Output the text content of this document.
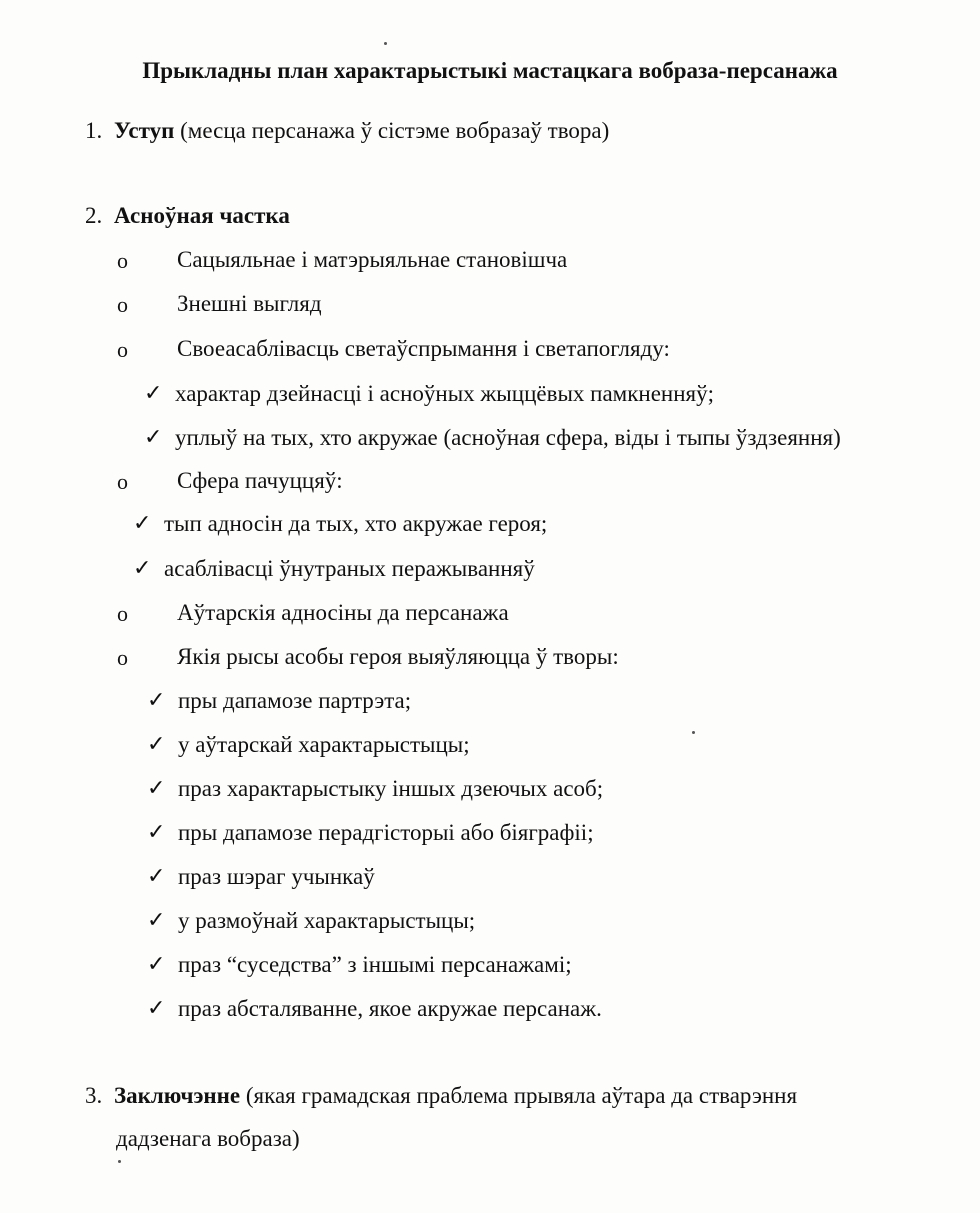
Прыкладны план характарыстыкі мастацкага вобраза-персанажа
1. Уступ (месца персанажа ў сістэме вобразаў твора)
2. Асноўная частка
o Сацыяльнае і матэрыяльнае становішча
o Знешні выгляд
o Своеасаблівасць светаўспрымання і светапогляду:
✓ характар дзейнасці і асноўных жыццёвых памкненняў;
✓ уплыў на тых, хто акружае (асноўная сфера, віды і тыпы ўздзеяння)
o Сфера пачуццяў:
✓ тып адносін да тых, хто акружае героя;
✓ асаблівасці ўнутраных перажыванняў
o Аўтарскія адносіны да персанажа
o Якія рысы асобы героя выяўляюцца ў творы:
✓ пры дапамозе партрэта;
✓ у аўтарскай характарыстыцы;
✓ праз характарыстыку іншых дзеючых асоб;
✓ пры дапамозе перадгісторыі або біяграфіі;
✓ праз шэраг учынкаў
✓ у размоўнай характарыстыцы;
✓ праз “суседства” з іншымі персанажамі;
✓ праз абсталяванне, якое акружае персанаж.
3. Заключэнне (якая грамадская праблема прывяла аўтара да стварэння
дадзенага вобраза)
